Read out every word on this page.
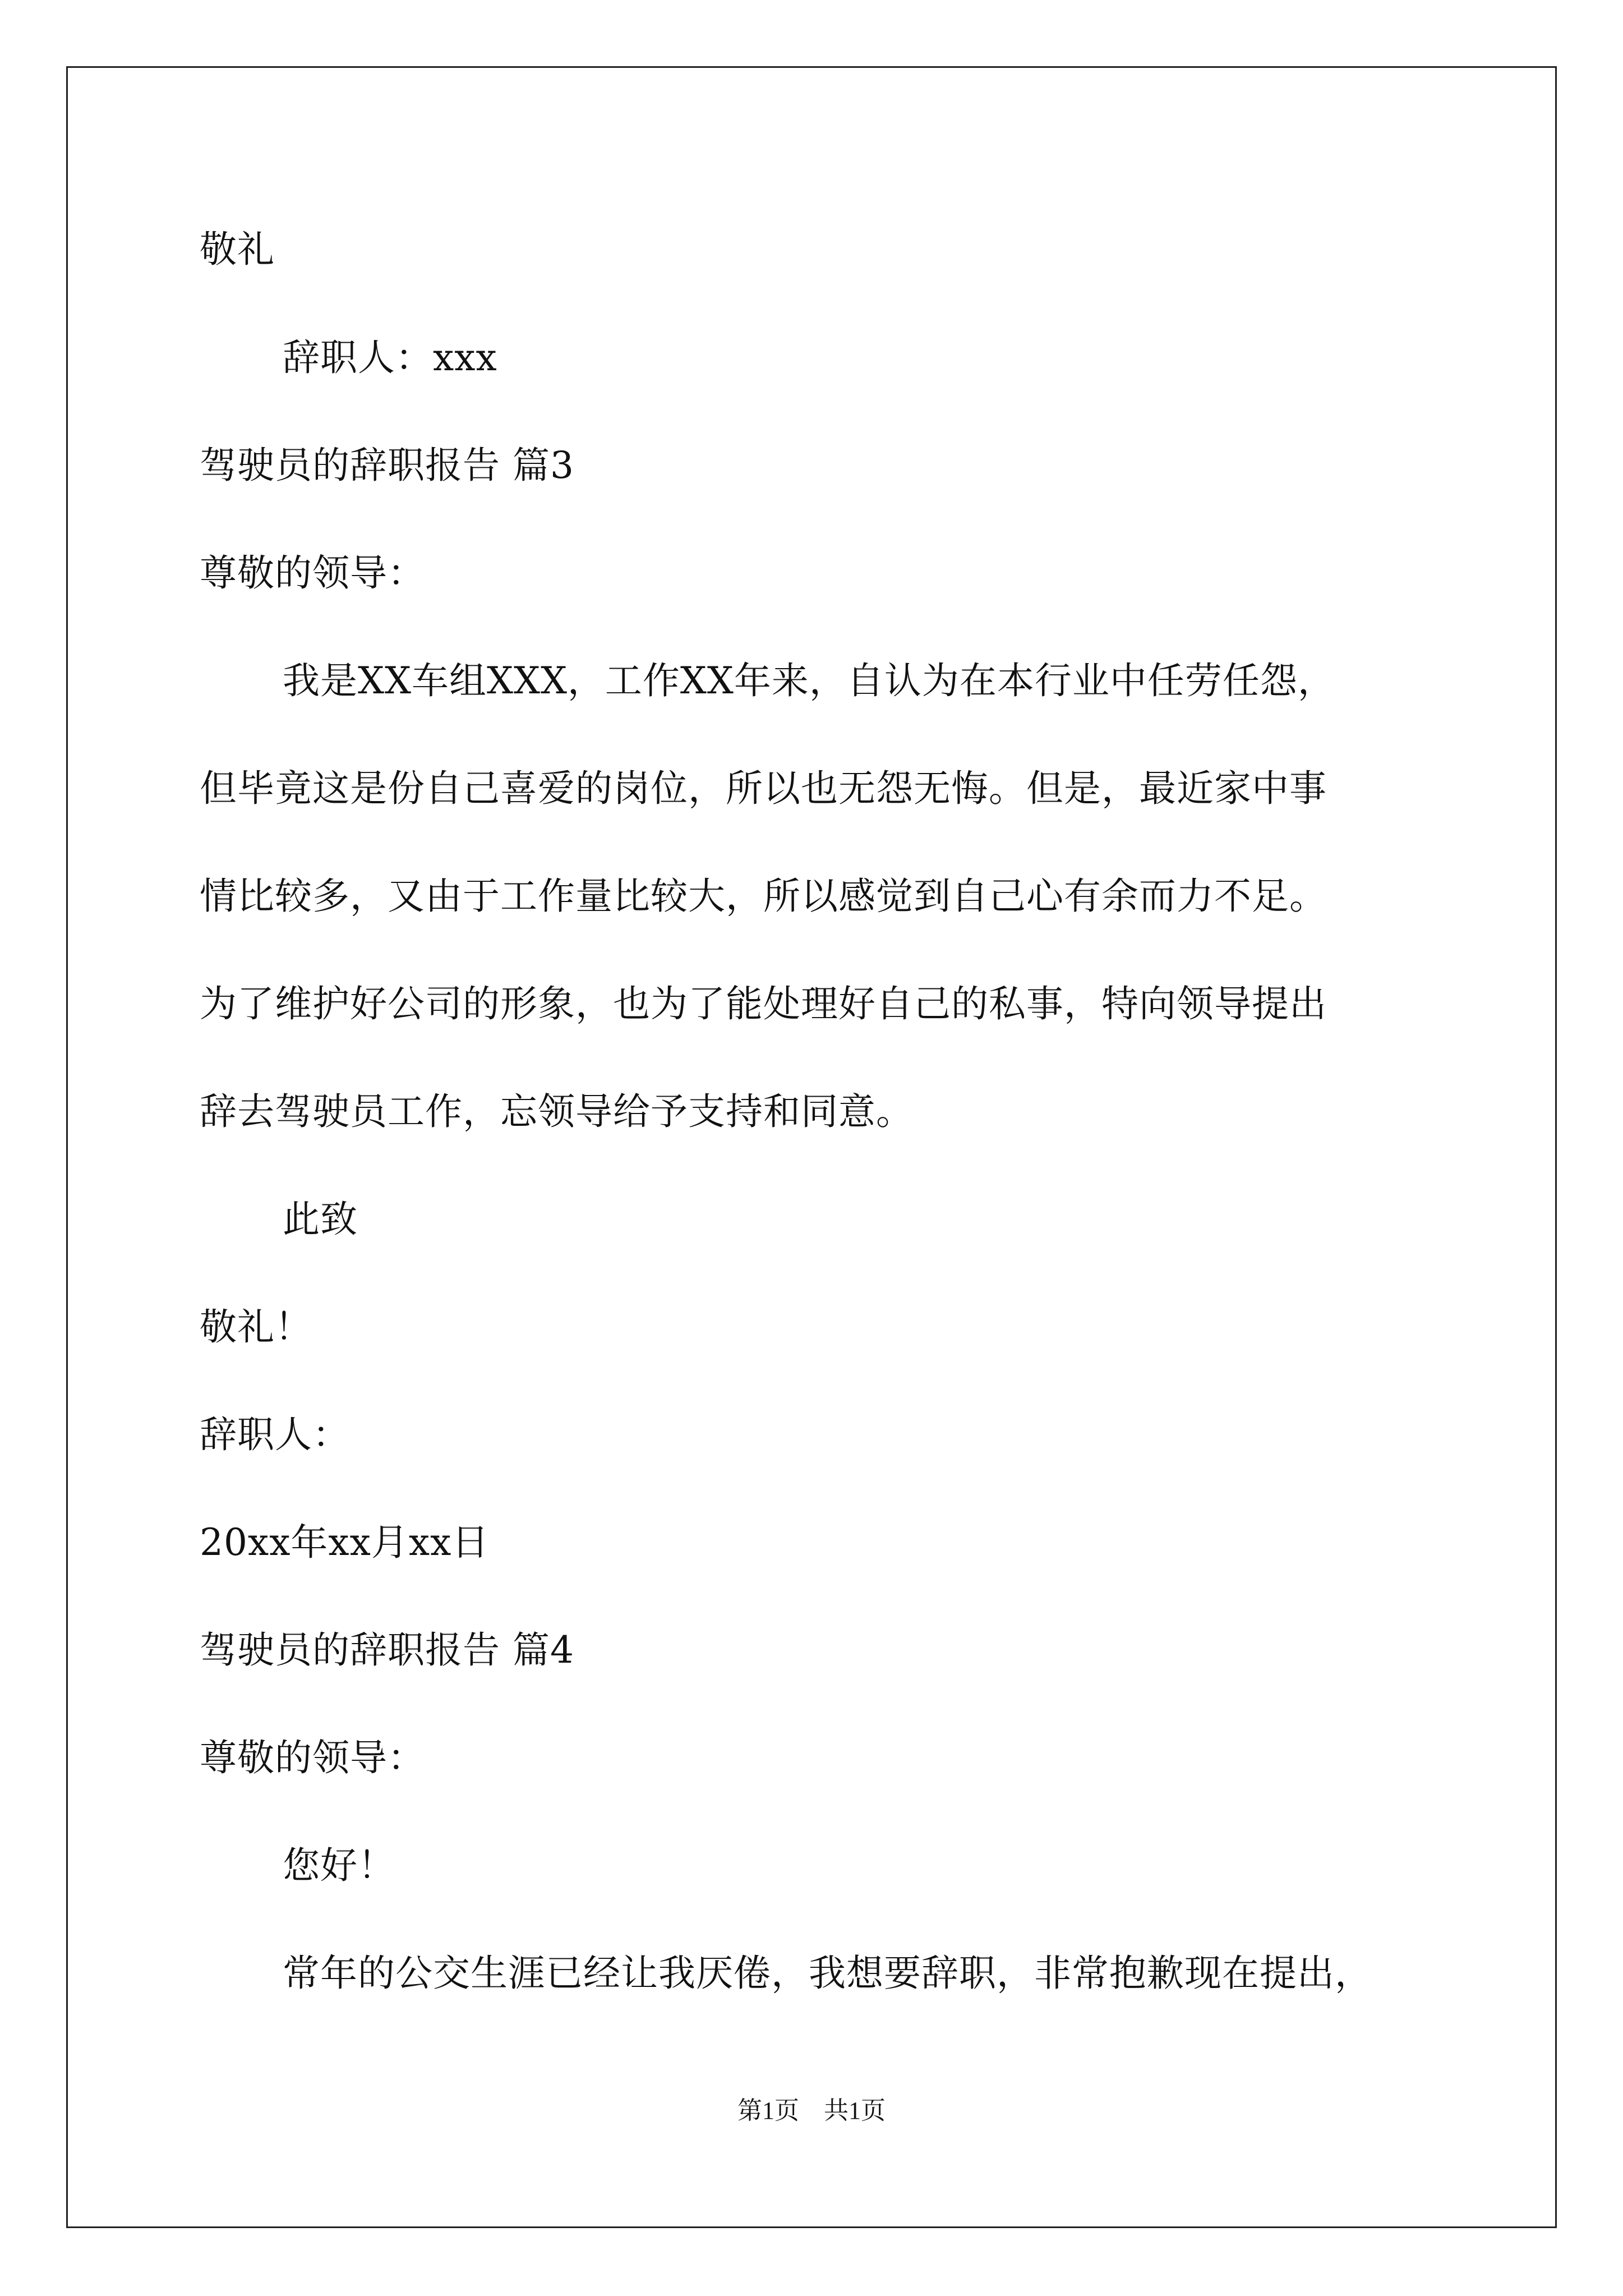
敬礼
辞职人：xxx
驾驶员的辞职报告 篇3
尊敬的领导：
我是XX车组XXX，工作XX年来，自认为在本行业中任劳任怨，
但毕竟这是份自己喜爱的岗位，所以也无怨无悔。但是，最近家中事
情比较多，又由于工作量比较大，所以感觉到自己心有余而力不足。
为了维护好公司的形象，也为了能处理好自己的私事，特向领导提出
辞去驾驶员工作，忘领导给予支持和同意。
此致
敬礼！
辞职人：
20xx年xx月xx日
驾驶员的辞职报告 篇4
尊敬的领导：
您好！
常年的公交生涯已经让我厌倦，我想要辞职，非常抱歉现在提出，
第1页　共1页
